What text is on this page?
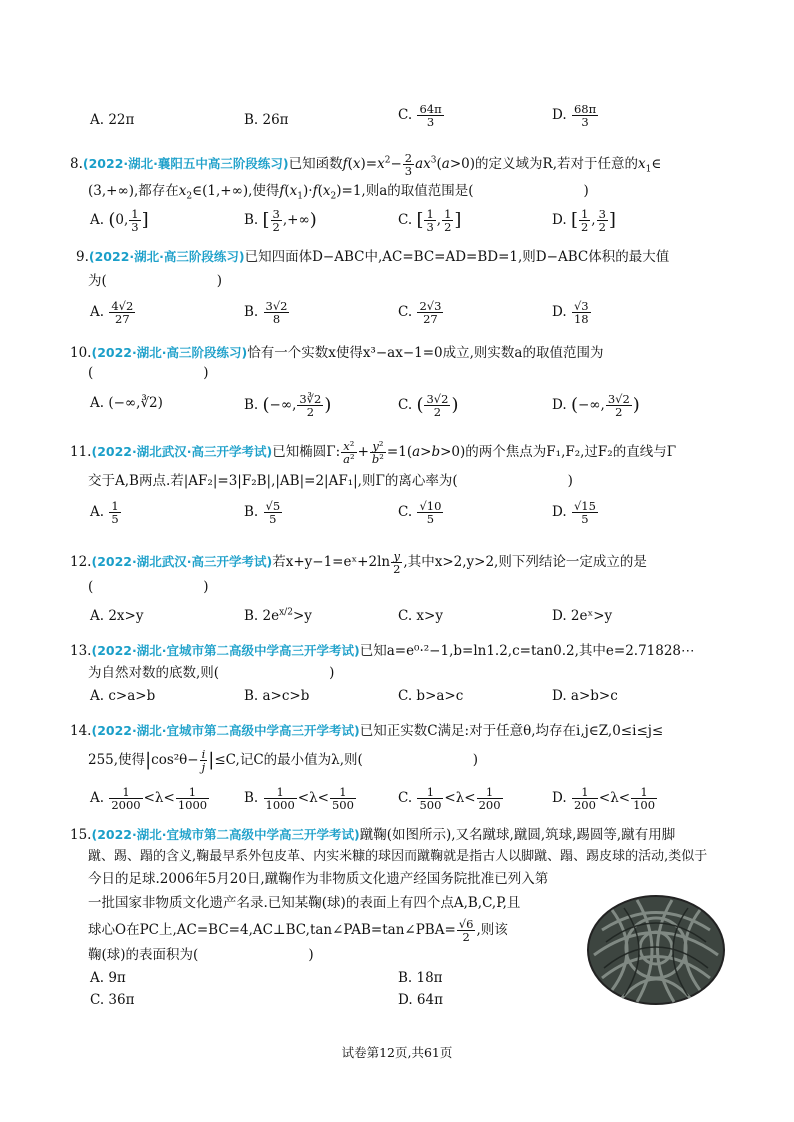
A. 22π	B. 26π	C. $\frac{64\pi}{3}$	D. $\frac{68\pi}{3}$
8.(2022·湖北·襄阳五中高三阶段练习)已知函数$f(x)=x^2- \frac{2}{3} ax^3(a>0)$的定义域为R,若对于任意的$x_1\in$
(3,+∞),都存在$x_2\in(1,+\infty)$,使得$f(x_1)\cdot f(x_2)=1$,则a的取值范围是(	)
A. (0, $\frac{1}{3}$ ]	B. [ $\frac{3}{2}$ ,+∞)	C. [ $\frac{1}{3}$ , $\frac{1}{2}$ ]	D. [ $\frac{1}{2}$ , $\frac{3}{2}$ ]
9.(2022·湖北·高三阶段练习)已知四面体D−ABC中,AC=BC=AD=BD=1,则D−ABC体积的最大值
为(	)
A. $\frac{4√2}{27}$	B. $\frac{3√2}{8}$	C. $\frac{2√3}{27}$	D. $\frac{√3}{18}$
10.(2022·湖北·高三阶段练习)恰有一个实数x使得x³−ax−1=0成立,则实数a的取值范围为
(	)
A. (−∞,∛2)	B. (−∞, $\frac{3∛2}{2}$ )	C. ( $\frac{3√2}{2}$ )	D. (−∞, $\frac{3√2}{2}$ )
11.(2022·湖北武汉·高三开学考试)已知椭圆Γ: $\frac{\text{x²}}{\text{a²}} + \frac{\text{y²}}{\text{b²}} =1(a>b>0)$的两个焦点为F₁,F₂,过F₂的直线与Γ
交于A,B两点.若|AF₂|=3|F₂B|,|AB|=2|AF₁|,则Γ的离心率为(	)
A. $\frac{1}{5}$	B. $\frac{√5}{5}$	C. $\frac{√10}{5}$	D. $\frac{√15}{5}$
12.(2022·湖北武汉·高三开学考试)若x+y−1=eˣ+2ln $\frac{y}{2}$ ,其中x>2,y>2,则下列结论一定成立的是
(	)
A. 2x>y	B. $2e^{x/2}>y$	C. x>y	D. 2eˣ>y
13.(2022·湖北·宜城市第二高级中学高三开学考试)已知a=e⁰·²−1,b=ln1.2,c=tan0.2,其中e=2.71828⋯
为自然对数的底数,则(	)
A. c>a>b	B. a>c>b	C. b>a>c	D. a>b>c
14.(2022·湖北·宜城市第二高级中学高三开学考试)已知正实数C满足:对于任意θ,均存在i,j∈Z,0≤i≤j≤
255,使得$|\cos^2\theta- \frac{i}{j} |\le C$,记C的最小值为λ,则(	)
A. $\frac{1}{2000} <\lambda< \frac{1}{1000}$	B. $\frac{1}{1000} <\lambda< \frac{1}{500}$	C. $\frac{1}{500} <\lambda< \frac{1}{200}$	D. $\frac{1}{200} <\lambda< \frac{1}{100}$
15.(2022·湖北·宜城市第二高级中学高三开学考试)蹴鞠(如图所示),又名蹴球,蹴圆,筑球,踢圆等,蹴有用脚
蹴、踢、蹋的含义,鞠最早系外包皮革、内实米糠的球因而蹴鞠就是指古人以脚蹴、蹋、踢皮球的活动,类似于
今日的足球.2006年5月20日,蹴鞠作为非物质文化遗产经国务院批准已列入第
一批国家非物质文化遗产名录.已知某鞠(球)的表面上有四个点A,B,C,P,且
球心O在PC上,AC=BC=4,AC⊥BC,tan∠PAB=tan∠PBA= $\frac{√6}{2}$ ,则该
鞠(球)的表面积为(	)
A. 9π	B. 18π
C. 36π	D. 64π
试卷第12页,共61页
